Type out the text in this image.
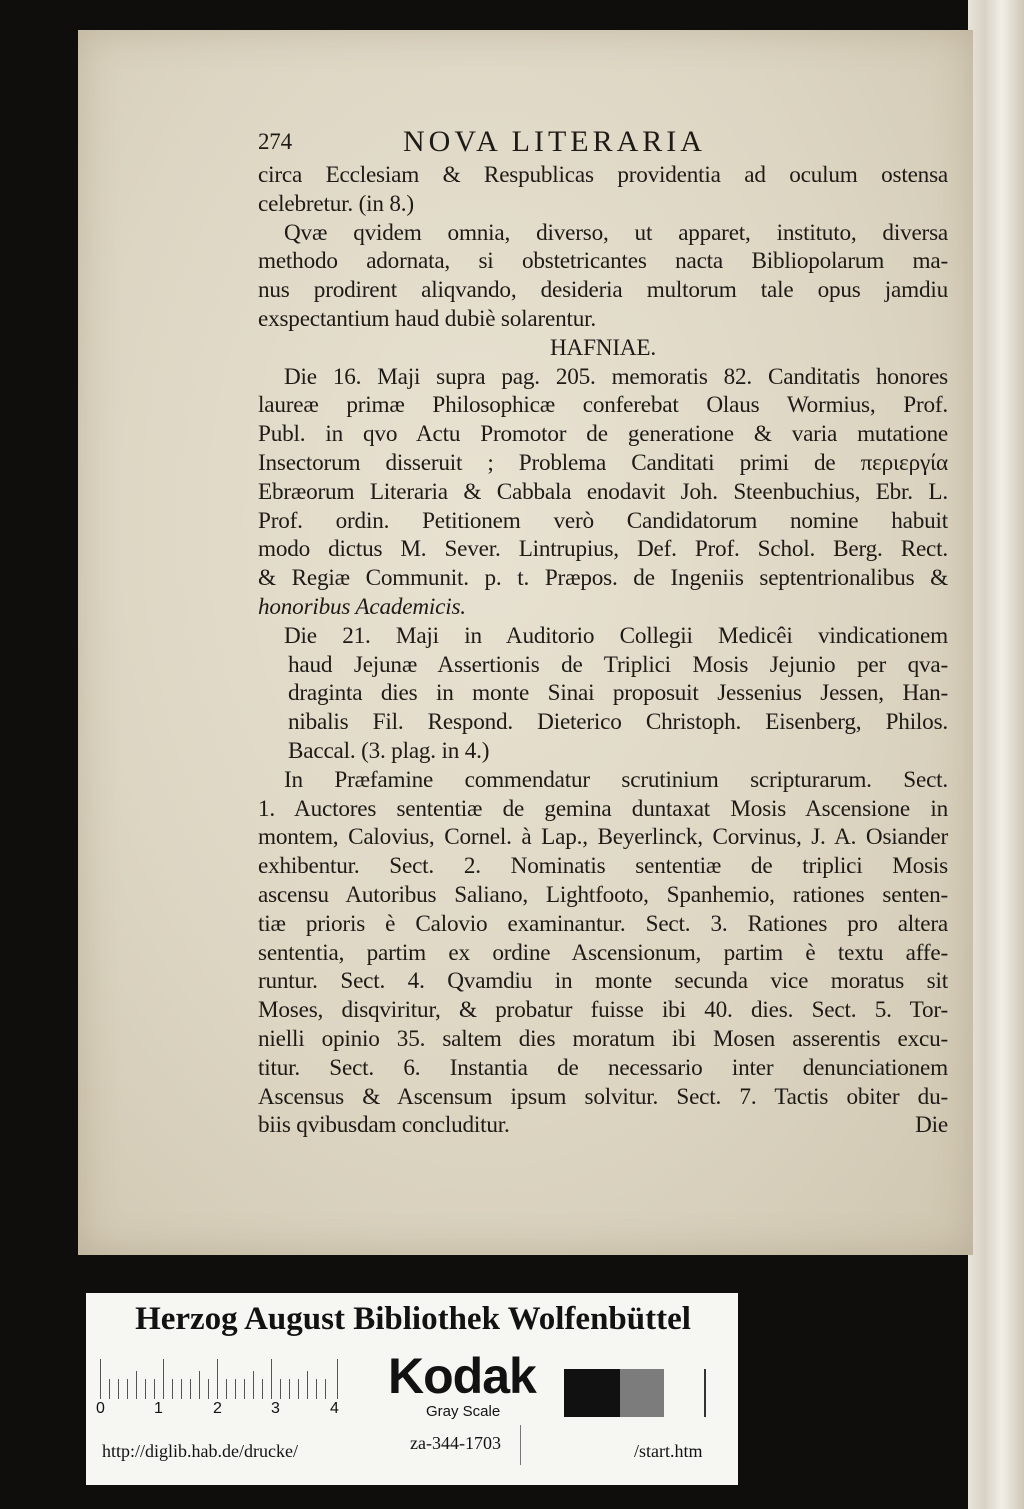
274	NOVA LITERARIA
circa Ecclesiam & Respublicas providentia ad oculum ostensa
celebretur. (in 8.)
Qvæ qvidem omnia, diverso, ut apparet, instituto, diversa
methodo adornata, si obstetricantes nacta Bibliopolarum ma-
nus prodirent aliqvando, desideria multorum tale opus jamdiu
exspectantium haud dubiè solarentur.
HAFNIAE.
Die 16. Maji supra pag. 205. memoratis 82. Canditatis honores
laureæ primæ Philosophicæ conferebat Olaus Wormius, Prof.
Publ. in qvo Actu Promotor de generatione & varia mutatione
Insectorum disseruit ; Problema Canditati primi de περιεργία
Ebræorum Literaria & Cabbala enodavit Joh. Steenbuchius, Ebr. L.
Prof. ordin. Petitionem verò Candidatorum nomine habuit
modo dictus M. Sever. Lintrupius, Def. Prof. Schol. Berg. Rect.
& Regiæ Communit. p. t. Præpos. de Ingeniis septentrionalibus &
honoribus Academicis.
Die 21. Maji in Auditorio Collegii Medicêi vindicationem
haud Jejunæ Assertionis de Triplici Mosis Jejunio per qva-
draginta dies in monte Sinai proposuit Jessenius Jessen, Han-
nibalis Fil. Respond. Dieterico Christoph. Eisenberg, Philos.
Baccal. (3. plag. in 4.)
In Præfamine commendatur scrutinium scripturarum. Sect.
1. Auctores sententiæ de gemina duntaxat Mosis Ascensione in
montem, Calovius, Cornel. à Lap., Beyerlinck, Corvinus, J. A. Osiander
exhibentur. Sect. 2. Nominatis sententiæ de triplici Mosis
ascensu Autoribus Saliano, Lightfooto, Spanhemio, rationes senten-
tiæ prioris è Calovio examinantur. Sect. 3. Rationes pro altera
sententia, partim ex ordine Ascensionum, partim è textu affe-
runtur. Sect. 4. Qvamdiu in monte secunda vice moratus sit
Moses, disqviritur, & probatur fuisse ibi 40. dies. Sect. 5. Tor-
nielli opinio 35. saltem dies moratum ibi Mosen asserentis excu-
titur. Sect. 6. Instantia de necessario inter denunciationem
Ascensus & Ascensum ipsum solvitur. Sect. 7. Tactis obiter du-
biis qvibusdam concluditur.	Die
Herzog August Bibliothek Wolfenbüttel
0	1	2	3	4
Kodak
Gray Scale
http://diglib.hab.de/drucke/	za-344-1703	/start.htm
